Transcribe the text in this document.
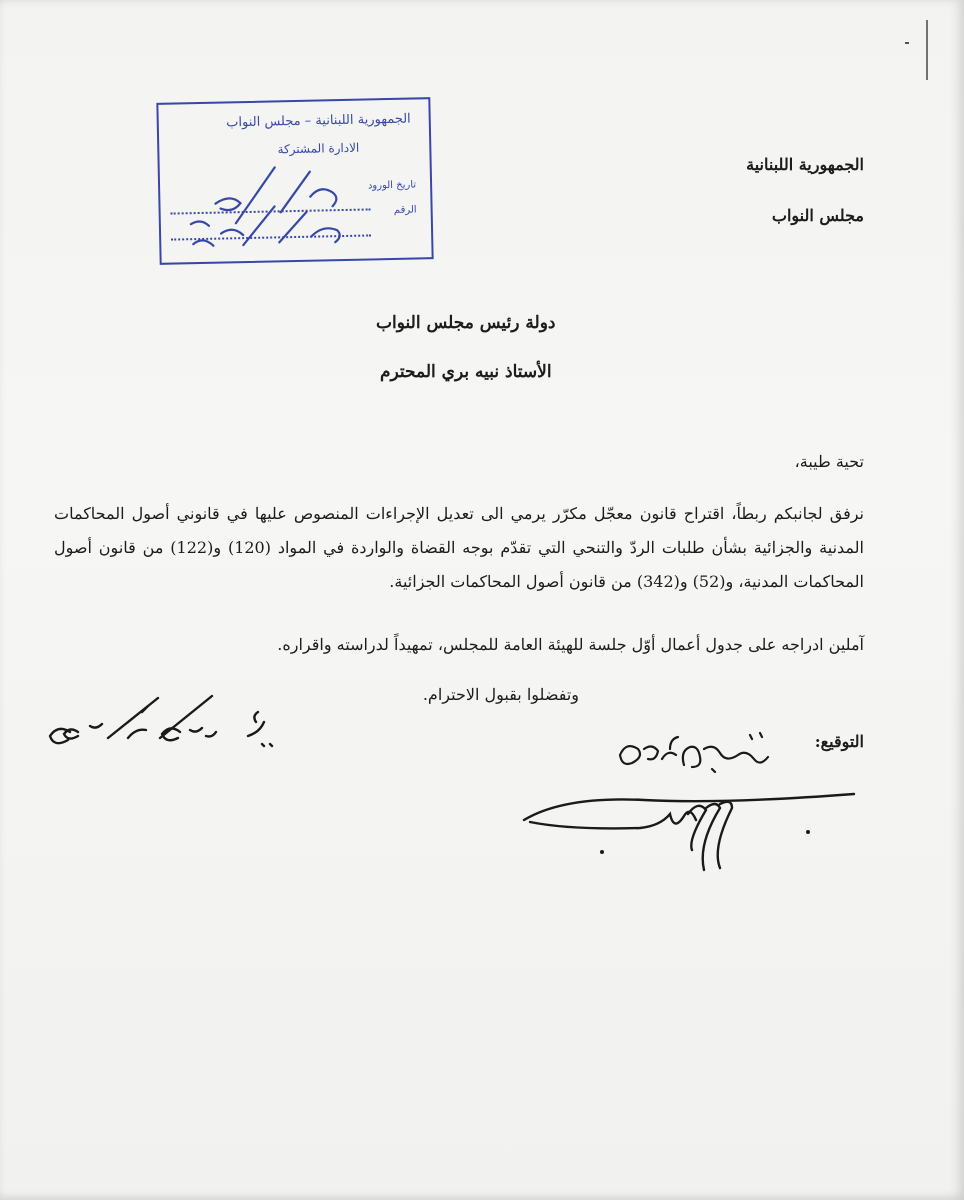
الجمهورية اللبنانية
مجلس النواب
الجمهورية اللبنانية – مجلس النواب
الادارة المشتركة
تاريخ الورود
الرقم
دولة رئيس مجلس النواب
الأستاذ نبيه بري المحترم
تحية طيبة،

نرفق لجانبكم ربطاً، اقتراح قانون معجّل مكرّر يرمي الى تعديل الإجراءات المنصوص عليها في قانوني أصول المحاكمات المدنية والجزائية بشأن طلبات الردّ والتنحي التي تقدّم بوجه القضاة والواردة في المواد (120) و(122) من قانون أصول المحاكمات المدنية، و(52) و(342) من قانون أصول المحاكمات الجزائية.

آملين ادراجه على جدول أعمال أوّل جلسة للهيئة العامة للمجلس، تمهيداً لدراسته واقراره.
وتفضلوا بقبول الاحترام.
التوقيع:
